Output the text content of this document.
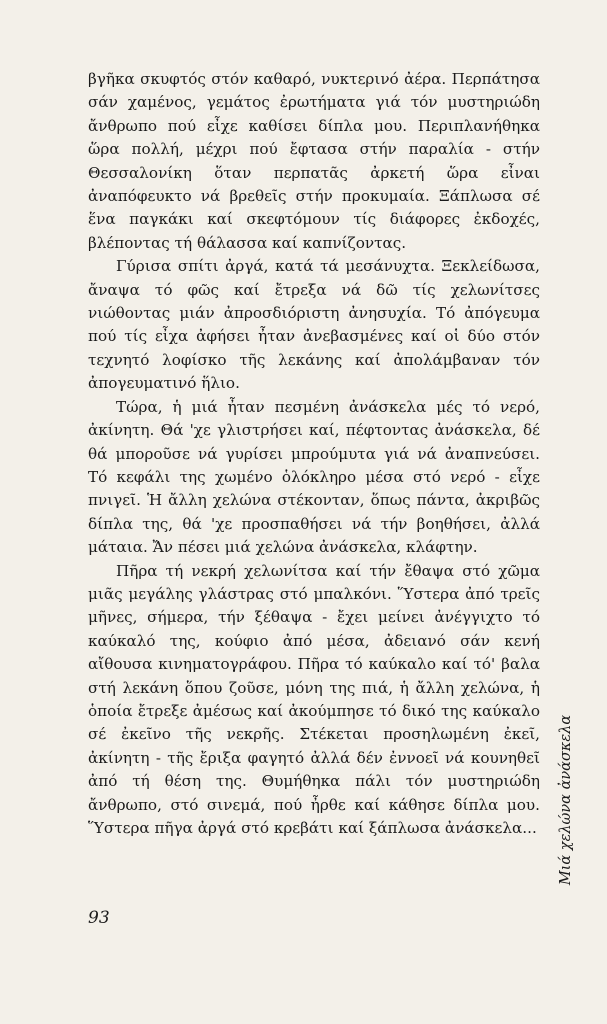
βγῆκα σκυφτός στόν καθαρό, νυκτερινό ἀέρα. Περπάτησα σάν χαμένος, γεμάτος ἐρωτήματα γιά τόν μυστηριώδη ἄνθρωπο πού εἶχε καθίσει δίπλα μου. Περιπλανήθηκα ὥρα πολλή, μέχρι πού ἔφτασα στήν παραλία - στήν Θεσσαλονίκη ὅταν περπατᾶς ἀρκετή ὥρα εἶναι ἀναπόφευκτο νά βρεθεῖς στήν προκυμαία. Ξάπλωσα σέ ἕνα παγκάκι καί σκεφτόμουν τίς διάφορες ἐκδοχές, βλέποντας τή θάλασσα καί καπνίζοντας.

Γύρισα σπίτι ἀργά, κατά τά μεσάνυχτα. Ξεκλείδωσα, ἄναψα τό φῶς καί ἔτρεξα νά δῶ τίς χελωνίτσες νιώθοντας μιάν ἀπροσδιόριστη ἀνησυχία. Τό ἀπόγευμα πού τίς εἶχα ἀφήσει ἦταν ἀνεβασμένες καί οἱ δύο στόν τεχνητό λοφίσκο τῆς λεκάνης καί ἀπολάμβαναν τόν ἀπογευματινό ἥλιο.

Τώρα, ἡ μιά ἦταν πεσμένη ἀνάσκελα μές τό νερό, ἀκίνητη. Θά 'χε γλιστρήσει καί, πέφτοντας ἀνάσκελα, δέ θά μποροῦσε νά γυρίσει μπρούμυτα γιά νά ἀναπνεύσει. Τό κεφάλι της χωμένο ὁλόκληρο μέσα στό νερό - εἶχε πνιγεῖ. Ἡ ἄλλη χελώνα στέκονταν, ὅπως πάντα, ἀκριβῶς δίπλα της, θά 'χε προσπαθήσει νά τήν βοηθήσει, ἀλλά μάταια. Ἄν πέσει μιά χελώνα ἀνάσκελα, κλάφτην.

Πῆρα τή νεκρή χελωνίτσα καί τήν ἔθαψα στό χῶμα μιᾶς μεγάλης γλάστρας στό μπαλκόνι. Ὕστερα ἀπό τρεῖς μῆνες, σήμερα, τήν ξέθαψα - ἔχει μείνει ἀνέγγιχτο τό καύκαλό της, κούφιο ἀπό μέσα, ἀδειανό σάν κενή αἴθουσα κινηματογράφου. Πῆρα τό καύκαλο καί τό' βαλα στή λεκάνη ὅπου ζοῦσε, μόνη της πιά, ἡ ἄλλη χελώνα, ἡ ὁποία ἔτρεξε ἀμέσως καί ἀκούμπησε τό δικό της καύκαλο σέ ἐκεῖνο τῆς νεκρῆς. Στέκεται προσηλωμένη ἐκεῖ, ἀκίνητη - τῆς ἔριξα φαγητό ἀλλά δέν ἐννοεῖ νά κουνηθεῖ ἀπό τή θέση της. Θυμήθηκα πάλι τόν μυστηριώδη ἄνθρωπο, στό σινεμά, πού ἦρθε καί κάθησε δίπλα μου. Ὕστερα πῆγα ἀργά στό κρεβάτι καί ξάπλωσα ἀνάσκελα...

93
Μιά χελώνα ἀνάσκελα
